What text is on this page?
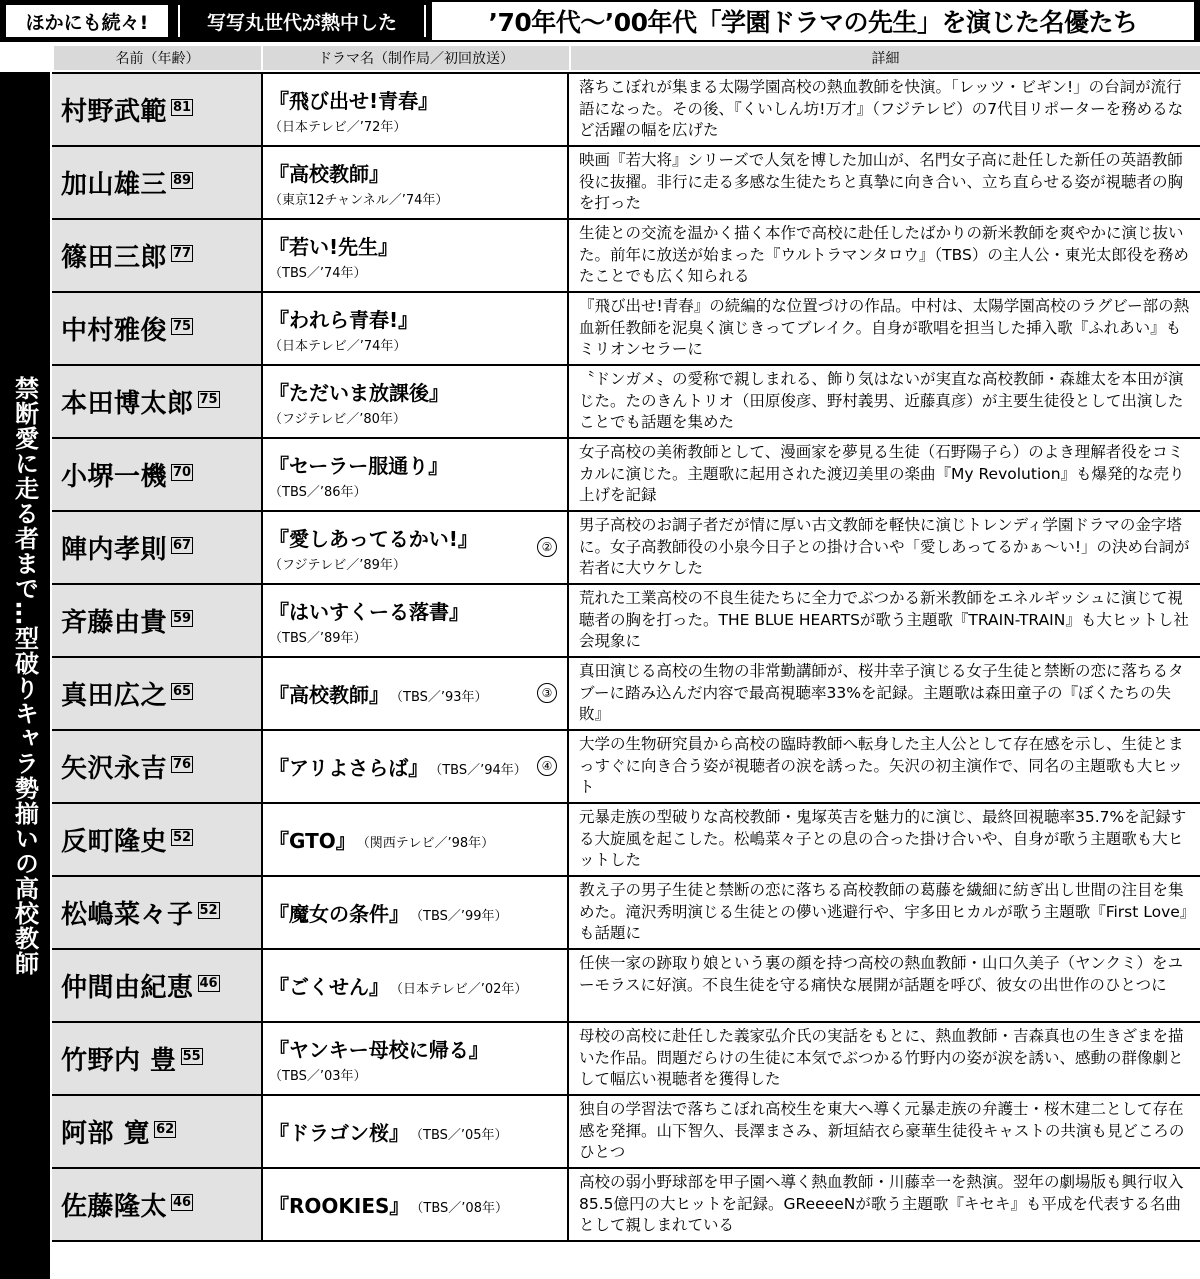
ほかにも続々!	写写丸世代が熱中した	’70年代〜’00年代「学園ドラマの先生」を演じた名優たち
名前（年齢）	ドラマ名（制作局／初回放送）	詳細
禁断愛に走る者まで…型破りキャラ勢揃いの高校教師
村野武範 81	『飛び出せ!青春』
（日本テレビ／’72年）
落ちこぼれが集まる太陽学園高校の熱血教師を快演。「レッツ・ビギン!」の台詞が流行語になった。その後、『くいしん坊!万才』（フジテレビ）の7代目リポーターを務めるなど活躍の幅を広げた
加山雄三 89	『高校教師』
（東京12チャンネル／’74年）
映画『若大将』シリーズで人気を博した加山が、名門女子高に赴任した新任の英語教師役に抜擢。非行に走る多感な生徒たちと真摯に向き合い、立ち直らせる姿が視聴者の胸を打った
篠田三郎 77	『若い!先生』
（TBS／’74年）
生徒との交流を温かく描く本作で高校に赴任したばかりの新米教師を爽やかに演じ抜いた。前年に放送が始まった『ウルトラマンタロウ』（TBS）の主人公・東光太郎役を務めたことでも広く知られる
中村雅俊 75	『われら青春!』
（日本テレビ／’74年）
『飛び出せ!青春』の続編的な位置づけの作品。中村は、太陽学園高校のラグビー部の熱血新任教師を泥臭く演じきってブレイク。自身が歌唱を担当した挿入歌『ふれあい』もミリオンセラーに
本田博太郎 75	『ただいま放課後』
（フジテレビ／’80年）
〝ドンガメ〟の愛称で親しまれる、飾り気はないが実直な高校教師・森雄太を本田が演じた。たのきんトリオ（田原俊彦、野村義男、近藤真彦）が主要生徒役として出演したことでも話題を集めた
小堺一機 70	『セーラー服通り』
（TBS／’86年）
女子高校の美術教師として、漫画家を夢見る生徒（石野陽子ら）のよき理解者役をコミカルに演じた。主題歌に起用された渡辺美里の楽曲『My Revolution』も爆発的な売り上げを記録
陣内孝則 67	『愛しあってるかい!』
（フジテレビ／’89年）
②
男子高校のお調子者だが情に厚い古文教師を軽快に演じトレンディ学園ドラマの金字塔に。女子高教師役の小泉今日子との掛け合いや「愛しあってるかぁ〜い!」の決め台詞が若者に大ウケした
斉藤由貴 59	『はいすくーる落書』
（TBS／’89年）
荒れた工業高校の不良生徒たちに全力でぶつかる新米教師をエネルギッシュに演じて視聴者の胸を打った。THE BLUE HEARTSが歌う主題歌『TRAIN-TRAIN』も大ヒットし社会現象に
真田広之 65	『高校教師』 （TBS／’93年）	③
真田演じる高校の生物の非常勤講師が、桜井幸子演じる女子生徒と禁断の恋に落ちるタブーに踏み込んだ内容で最高視聴率33%を記録。主題歌は森田童子の『ぼくたちの失敗』
矢沢永吉 76	『アリよさらば』 （TBS／’94年）	④
大学の生物研究員から高校の臨時教師へ転身した主人公として存在感を示し、生徒とまっすぐに向き合う姿が視聴者の涙を誘った。矢沢の初主演作で、同名の主題歌も大ヒット
反町隆史 52	『GTO』 （関西テレビ／’98年）
元暴走族の型破りな高校教師・鬼塚英吉を魅力的に演じ、最終回視聴率35.7%を記録する大旋風を起こした。松嶋菜々子との息の合った掛け合いや、自身が歌う主題歌も大ヒットした
松嶋菜々子 52	『魔女の条件』 （TBS／’99年）
教え子の男子生徒と禁断の恋に落ちる高校教師の葛藤を繊細に紡ぎ出し世間の注目を集めた。滝沢秀明演じる生徒との儚い逃避行や、宇多田ヒカルが歌う主題歌『First Love』も話題に
仲間由紀恵 46	『ごくせん』 （日本テレビ／’02年）
任侠一家の跡取り娘という裏の顔を持つ高校の熱血教師・山口久美子（ヤンクミ）をユーモラスに好演。不良生徒を守る痛快な展開が話題を呼び、彼女の出世作のひとつに
竹野内 豊 55	『ヤンキー母校に帰る』
（TBS／’03年）
母校の高校に赴任した義家弘介氏の実話をもとに、熱血教師・吉森真也の生きざまを描いた作品。問題だらけの生徒に本気でぶつかる竹野内の姿が涙を誘い、感動の群像劇として幅広い視聴者を獲得した
阿部 寛 62	『ドラゴン桜』 （TBS／’05年）
独自の学習法で落ちこぼれ高校生を東大へ導く元暴走族の弁護士・桜木建二として存在感を発揮。山下智久、長澤まさみ、新垣結衣ら豪華生徒役キャストの共演も見どころのひとつ
佐藤隆太 46	『ROOKIES』 （TBS／’08年）
高校の弱小野球部を甲子園へ導く熱血教師・川藤幸一を熱演。翌年の劇場版も興行収入85.5億円の大ヒットを記録。GReeeeNが歌う主題歌『キセキ』も平成を代表する名曲として親しまれている
